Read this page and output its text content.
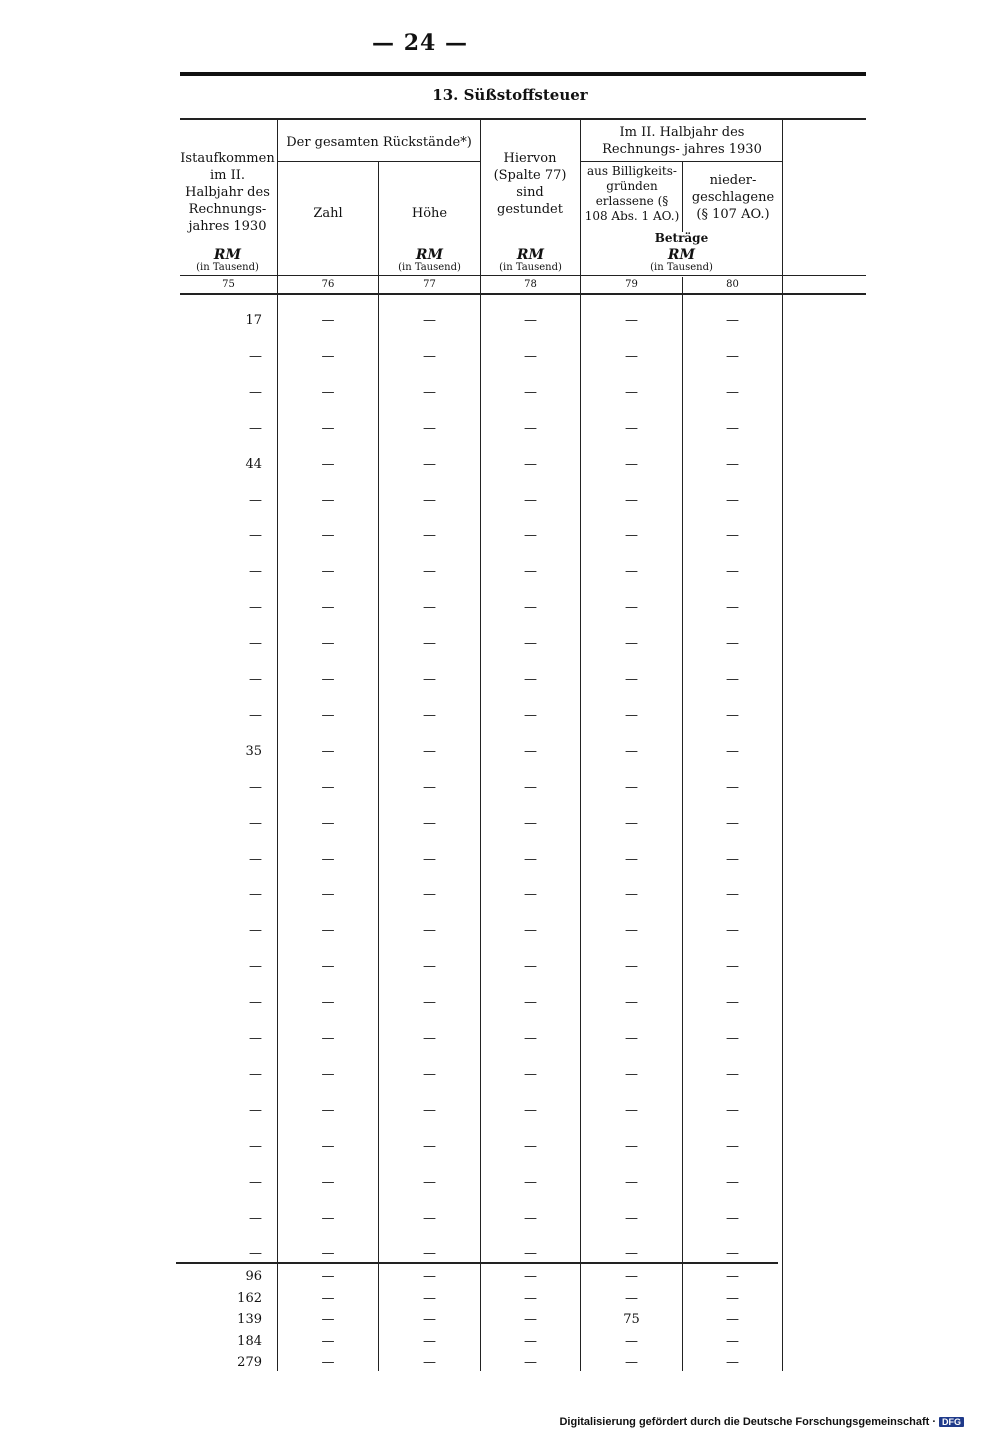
— 24 —
13. Süßstoffsteuer
Istaufkommen im II. Halbjahr des Rechnungs- jahres 1930
Der gesamten Rückstände*)
Zahl	Höhe
Hiervon (Spalte 77) sind gestundet
Im II. Halbjahr des Rechnungs- jahres 1930
aus Billigkeits- gründen erlassene (§ 108 Abs. 1 AO.)
nieder- geschlagene (§ 107 AO.)
Beträge
RM
(in Tausend)
RM
(in Tausend)
RM
(in Tausend)
RM
(in Tausend)
75	76	77	78	79	80
17	—	—	—	—	—
—	—	—	—	—	—
—	—	—	—	—	—
—	—	—	—	—	—
44	—	—	—	—	—
—	—	—	—	—	—
—	—	—	—	—	—
—	—	—	—	—	—
—	—	—	—	—	—
—	—	—	—	—	—
—	—	—	—	—	—
—	—	—	—	—	—
35	—	—	—	—	—
—	—	—	—	—	—
—	—	—	—	—	—
—	—	—	—	—	—
—	—	—	—	—	—
—	—	—	—	—	—
—	—	—	—	—	—
—	—	—	—	—	—
—	—	—	—	—	—
—	—	—	—	—	—
—	—	—	—	—	—
—	—	—	—	—	—
—	—	—	—	—	—
—	—	—	—	—	—
—	—	—	—	—	—
96	—	—	—	—	—
162	—	—	—	—	—
139	—	—	—	75	—
184	—	—	—	—	—
279	—	—	—	—	—
Digitalisierung gefördert durch die Deutsche Forschungsgemeinschaft · DFG
